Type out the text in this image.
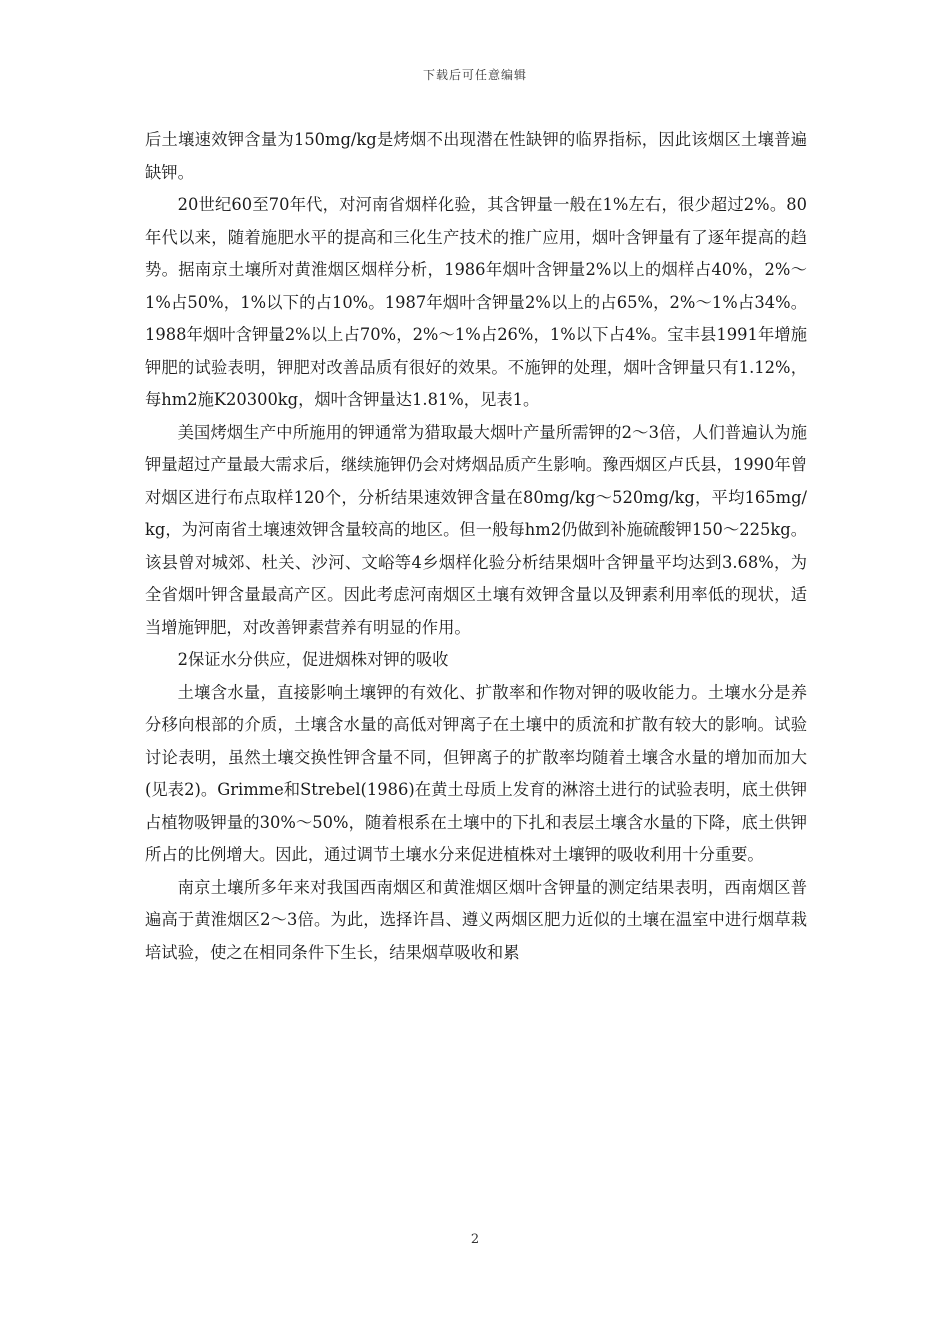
下载后可任意编辑

后土壤速效钾含量为150mg/kg是烤烟不出现潜在性缺钾的临界指标，因此该烟区土壤普遍缺钾。

20世纪60至70年代，对河南省烟样化验，其含钾量一般在1%左右，很少超过2%。80年代以来，随着施肥水平的提高和三化生产技术的推广应用，烟叶含钾量有了逐年提高的趋势。据南京土壤所对黄淮烟区烟样分析，1986年烟叶含钾量2%以上的烟样占40%，2%～1%占50%，1%以下的占10%。1987年烟叶含钾量2%以上的占65%，2%～1%占34%。1988年烟叶含钾量2%以上占70%，2%～1%占26%，1%以下占4%。宝丰县1991年增施钾肥的试验表明，钾肥对改善品质有很好的效果。不施钾的处理，烟叶含钾量只有1.12%，每hm2施K20300kg，烟叶含钾量达1.81%，见表1。

美国烤烟生产中所施用的钾通常为猎取最大烟叶产量所需钾的2～3倍，人们普遍认为施钾量超过产量最大需求后，继续施钾仍会对烤烟品质产生影响。豫西烟区卢氏县，1990年曾对烟区进行布点取样120个，分析结果速效钾含量在80mg/kg～520mg/kg，平均165mg/kg，为河南省土壤速效钾含量较高的地区。但一般每hm2仍做到补施硫酸钾150～225kg。该县曾对城郊、杜关、沙河、文峪等4乡烟样化验分析结果烟叶含钾量平均达到3.68%，为全省烟叶钾含量最高产区。因此考虑河南烟区土壤有效钾含量以及钾素利用率低的现状，适当增施钾肥，对改善钾素营养有明显的作用。

2保证水分供应，促进烟株对钾的吸收

土壤含水量，直接影响土壤钾的有效化、扩散率和作物对钾的吸收能力。土壤水分是养分移向根部的介质，土壤含水量的高低对钾离子在土壤中的质流和扩散有较大的影响。试验讨论表明，虽然土壤交换性钾含量不同，但钾离子的扩散率均随着土壤含水量的增加而加大(见表2)。Grimme和Strebel(1986)在黄土母质上发育的淋溶土进行的试验表明，底土供钾占植物吸钾量的30%～50%，随着根系在土壤中的下扎和表层土壤含水量的下降，底土供钾所占的比例增大。因此，通过调节土壤水分来促进植株对土壤钾的吸收利用十分重要。

南京土壤所多年来对我国西南烟区和黄淮烟区烟叶含钾量的测定结果表明，西南烟区普遍高于黄淮烟区2～3倍。为此，选择许昌、遵义两烟区肥力近似的土壤在温室中进行烟草栽培试验，使之在相同条件下生长，结果烟草吸收和累

2
